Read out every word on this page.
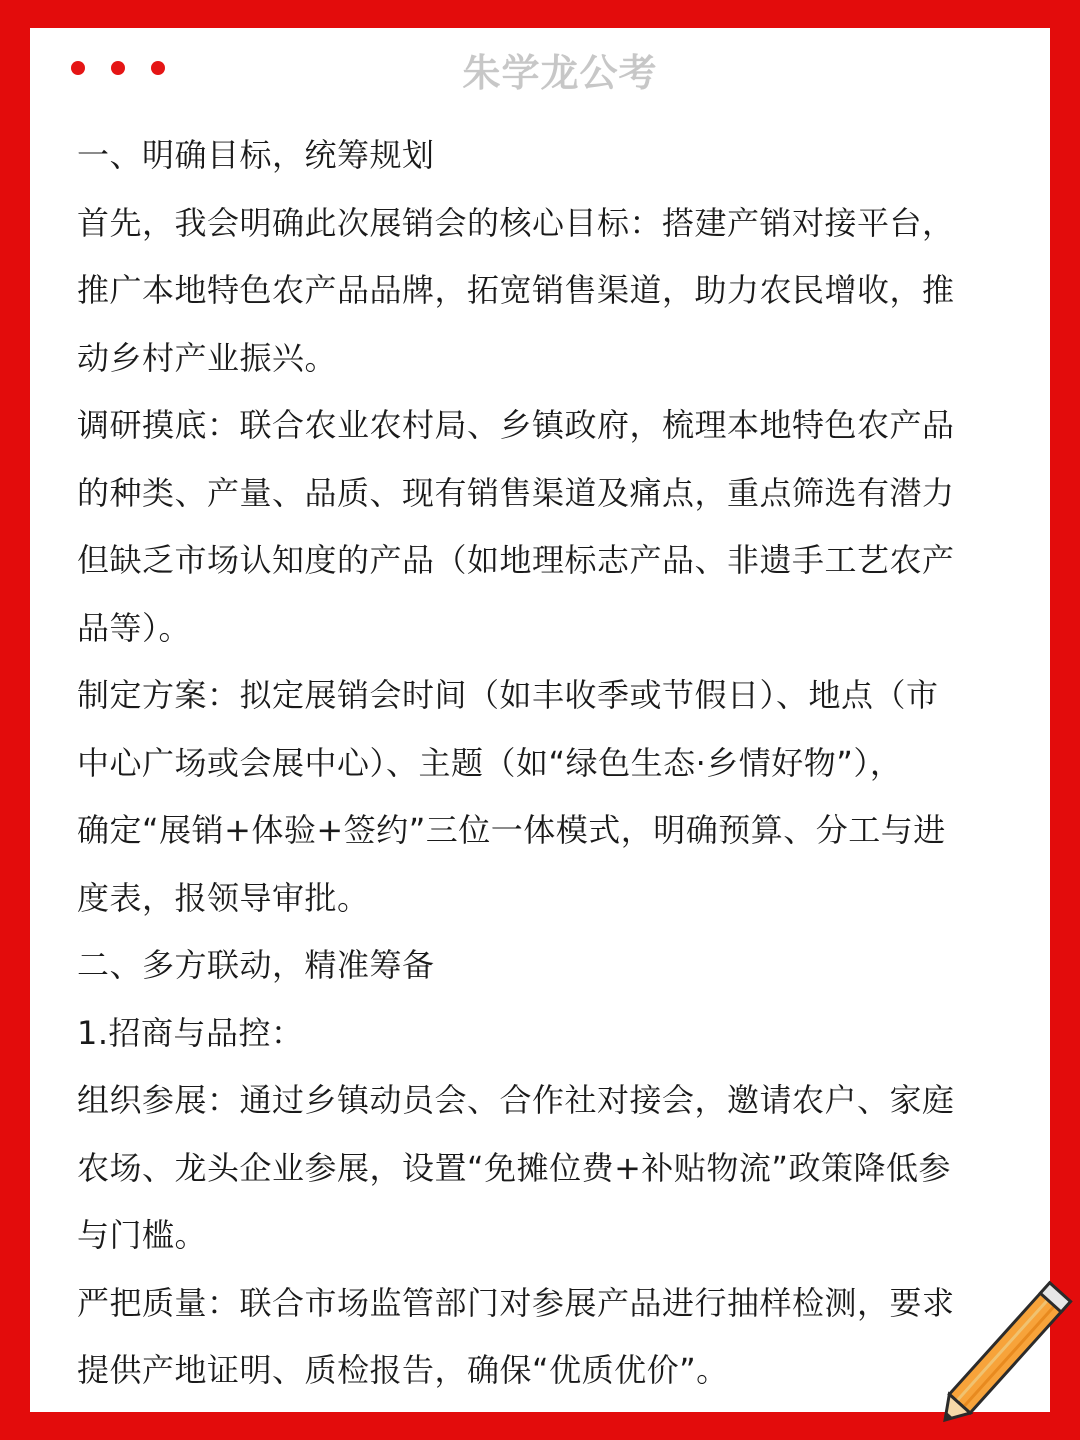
朱学龙公考
一、明确目标，统筹规划
首先，我会明确此次展销会的核心目标：搭建产销对接平台，
推广本地特色农产品品牌，拓宽销售渠道，助力农民增收，推
动乡村产业振兴。
调研摸底：联合农业农村局、乡镇政府，梳理本地特色农产品
的种类、产量、品质、现有销售渠道及痛点，重点筛选有潜力
但缺乏市场认知度的产品（如地理标志产品、非遗手工艺农产
品等）。
制定方案：拟定展销会时间（如丰收季或节假日）、地点（市
中心广场或会展中心）、主题（如“绿色生态·乡情好物”），
确定“展销+体验+签约”三位一体模式，明确预算、分工与进
度表，报领导审批。
二、多方联动，精准筹备
1.招商与品控：
组织参展：通过乡镇动员会、合作社对接会，邀请农户、家庭
农场、龙头企业参展，设置“免摊位费+补贴物流”政策降低参
与门槛。
严把质量：联合市场监管部门对参展产品进行抽样检测，要求
提供产地证明、质检报告，确保“优质优价”。
